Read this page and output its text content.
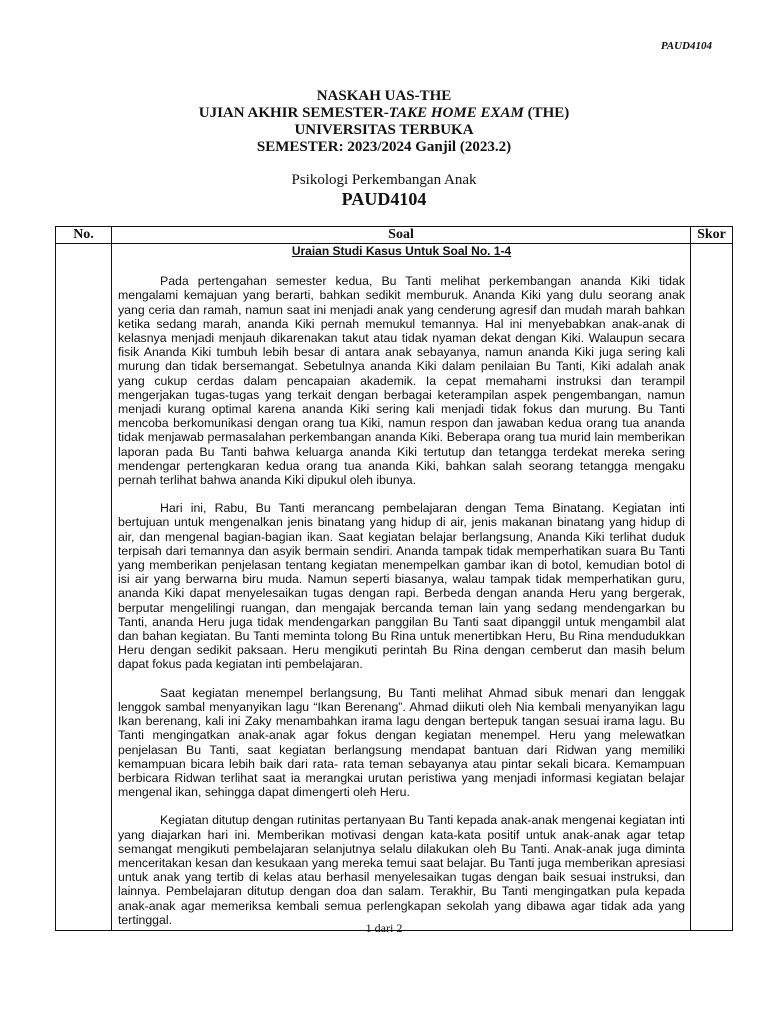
PAUD4104
NASKAH UAS-THE
UJIAN AKHIR SEMESTER-TAKE HOME EXAM (THE)
UNIVERSITAS TERBUKA
SEMESTER: 2023/2024 Ganjil (2023.2)
Psikologi Perkembangan Anak
PAUD4104
No.	Soal	Skor

	Uraian Studi Kasus Untuk Soal No. 1-4

Pada pertengahan semester kedua, Bu Tanti melihat perkembangan ananda Kiki tidak mengalami kemajuan yang berarti, bahkan sedikit memburuk. Ananda Kiki yang dulu seorang anak yang ceria dan ramah, namun saat ini menjadi anak yang cenderung agresif dan mudah marah bahkan ketika sedang marah, ananda Kiki pernah memukul temannya. Hal ini menyebabkan anak-anak di kelasnya menjadi menjauh dikarenakan takut atau tidak nyaman dekat dengan Kiki. Walaupun secara fisik Ananda Kiki tumbuh lebih besar di antara anak sebayanya, namun ananda Kiki juga sering kali murung dan tidak bersemangat. Sebetulnya ananda Kiki dalam penilaian Bu Tanti, Kiki adalah anak yang cukup cerdas dalam pencapaian akademik. Ia cepat memahami instruksi dan terampil mengerjakan tugas-tugas yang terkait dengan berbagai keterampilan aspek pengembangan, namun menjadi kurang optimal karena ananda Kiki sering kali menjadi tidak fokus dan murung. Bu Tanti mencoba berkomunikasi dengan orang tua Kiki, namun respon dan jawaban kedua orang tua ananda tidak menjawab permasalahan perkembangan ananda Kiki. Beberapa orang tua murid lain memberikan laporan pada Bu Tanti bahwa keluarga ananda Kiki tertutup dan tetangga terdekat mereka sering mendengar pertengkaran kedua orang tua ananda Kiki, bahkan salah seorang tetangga mengaku pernah terlihat bahwa ananda Kiki dipukul oleh ibunya.

Hari ini, Rabu, Bu Tanti merancang pembelajaran dengan Tema Binatang. Kegiatan inti bertujuan untuk mengenalkan jenis binatang yang hidup di air, jenis makanan binatang yang hidup di air, dan mengenal bagian-bagian ikan. Saat kegiatan belajar berlangsung, Ananda Kiki terlihat duduk terpisah dari temannya dan asyik bermain sendiri. Ananda tampak tidak memperhatikan suara Bu Tanti yang memberikan penjelasan tentang kegiatan menempelkan gambar ikan di botol, kemudian botol di isi air yang berwarna biru muda. Namun seperti biasanya, walau tampak tidak memperhatikan guru, ananda Kiki dapat menyelesaikan tugas dengan rapi. Berbeda dengan ananda Heru yang bergerak, berputar mengelilingi ruangan, dan mengajak bercanda teman lain yang sedang mendengarkan bu Tanti, ananda Heru juga tidak mendengarkan panggilan Bu Tanti saat dipanggil untuk mengambil alat dan bahan kegiatan. Bu Tanti meminta tolong Bu Rina untuk menertibkan Heru, Bu Rina mendudukkan Heru dengan sedikit paksaan. Heru mengikuti perintah Bu Rina dengan cemberut dan masih belum dapat fokus pada kegiatan inti pembelajaran.

Saat kegiatan menempel berlangsung, Bu Tanti melihat Ahmad sibuk menari dan lenggak lenggok sambal menyanyikan lagu “Ikan Berenang”. Ahmad diikuti oleh Nia kembali menyanyikan lagu Ikan berenang, kali ini Zaky menambahkan irama lagu dengan bertepuk tangan sesuai irama lagu. Bu Tanti mengingatkan anak-anak agar fokus dengan kegiatan menempel. Heru yang melewatkan penjelasan Bu Tanti, saat kegiatan berlangsung mendapat bantuan dari Ridwan yang memiliki kemampuan bicara lebih baik dari rata- rata teman sebayanya atau pintar sekali bicara. Kemampuan berbicara Ridwan terlihat saat ia merangkai urutan peristiwa yang menjadi informasi kegiatan belajar mengenal ikan, sehingga dapat dimengerti oleh Heru.

Kegiatan ditutup dengan rutinitas pertanyaan Bu Tanti kepada anak-anak mengenai kegiatan inti yang diajarkan hari ini. Memberikan motivasi dengan kata-kata positif untuk anak-anak agar tetap semangat mengikuti pembelajaran selanjutnya selalu dilakukan oleh Bu Tanti. Anak-anak juga diminta menceritakan kesan dan kesukaan yang mereka temui saat belajar. Bu Tanti juga memberikan apresiasi untuk anak yang tertib di kelas atau berhasil menyelesaikan tugas dengan baik sesuai instruksi, dan lainnya. Pembelajaran ditutup dengan doa dan salam. Terakhir, Bu Tanti mengingatkan pula kepada anak-anak agar memeriksa kembali semua perlengkapan sekolah yang dibawa agar tidak ada yang tertinggal.	

1 dari 2
